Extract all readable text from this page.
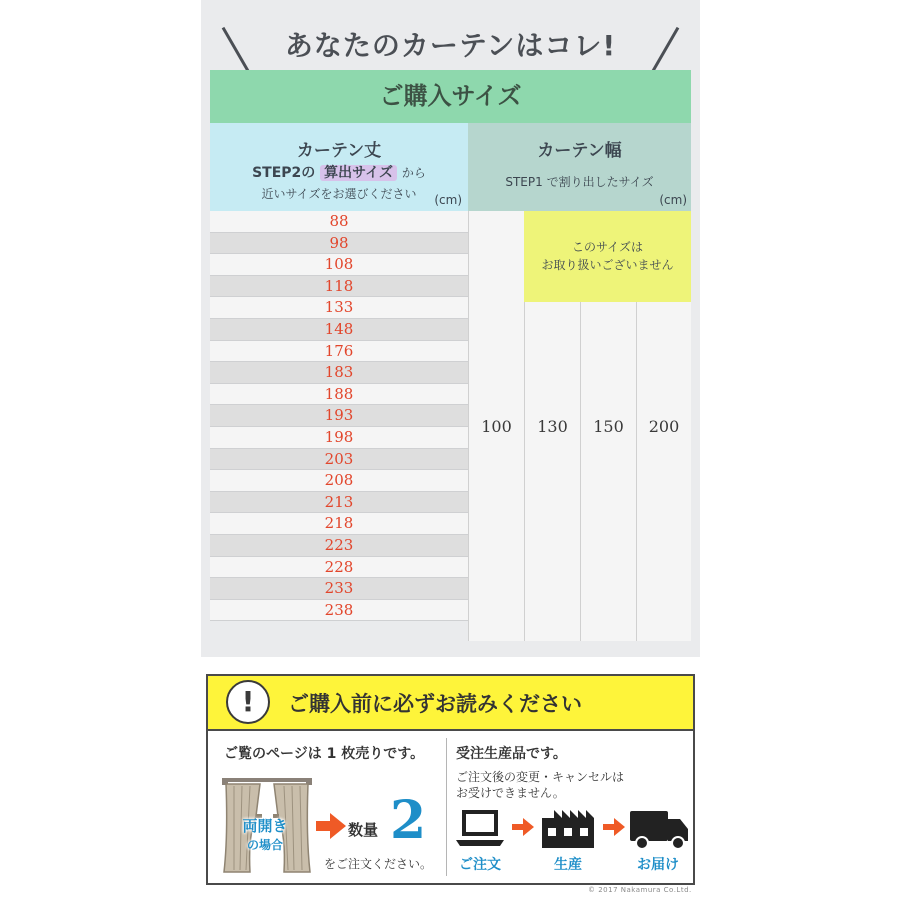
あなたのカーテンはコレ!
ご購入サイズ
カーテン丈
STEP2の 算出サイズ から
近いサイズをお選びください	(cm)
カーテン幅
STEP1 で割り出したサイズ
(cm)
88
98
108
118
133
148
176
183
188
193
198
203
208
213
218
223
228
233
238
100	130	150	200
このサイズは
お取り扱いございません
!	ご購入前に必ずお読みください
ご覧のページは 1 枚売りです。
両開き
の場合
数量 2
をご注文ください。
受注生産品です。
ご注文後の変更・キャンセルは
お受けできません。
ご注文	生産	お届け
© 2017 Nakamura Co.Ltd.
